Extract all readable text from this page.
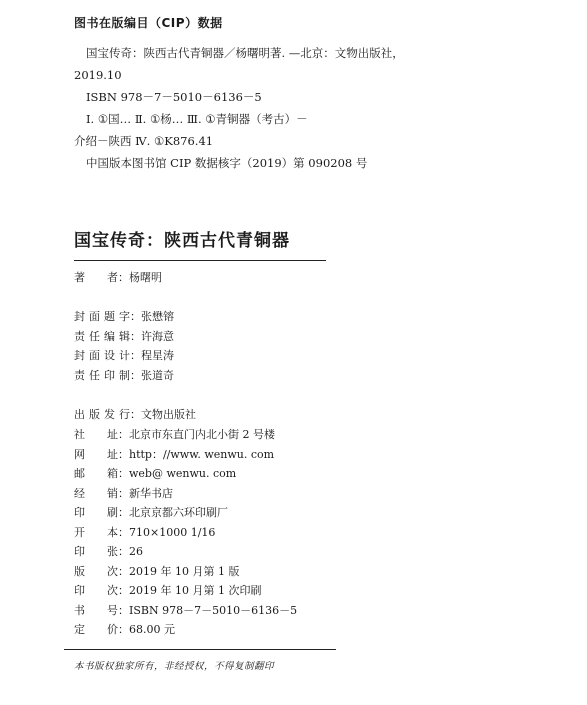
图书在版编目（CIP）数据
国宝传奇：陕西古代青铜器／杨曙明著. —北京：文物出版社，
2019.10
ISBN 978－7－5010－6136－5
Ⅰ. ①国… Ⅱ. ①杨… Ⅲ. ①青铜器（考古）－
介绍－陕西 Ⅳ. ①K876.41
中国版本图书馆 CIP 数据核字（2019）第 090208 号
国宝传奇：陕西古代青铜器
著 者 ： 杨曙明
封面题字 ： 张懋镕
责任编辑 ： 许海意
封面设计 ： 程星涛
责任印制 ： 张道奇
出版发行 ： 文物出版社
社 址 ： 北京市东直门内北小街 2 号楼
网 址 ： http：//www. wenwu. com
邮 箱 ： web@ wenwu. com
经 销 ： 新华书店
印 刷 ： 北京京都六环印刷厂
开 本 ： 710×1000 1/16
印 张 ： 26
版 次 ： 2019 年 10 月第 1 版
印 次 ： 2019 年 10 月第 1 次印刷
书 号 ： ISBN 978－7－5010－6136－5
定 价 ： 68.00 元
本书版权独家所有，非经授权，不得复制翻印
